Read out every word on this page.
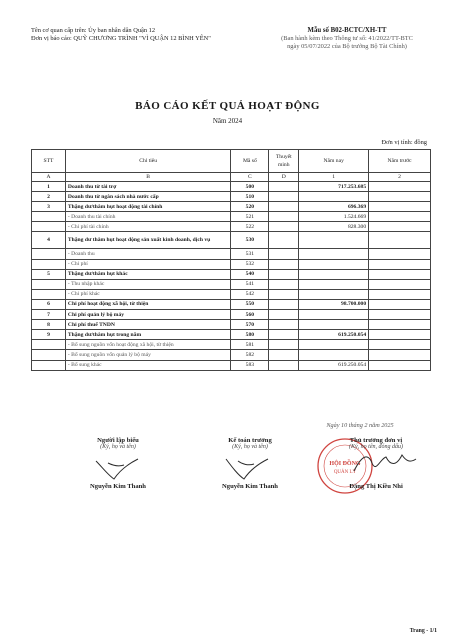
Tên cơ quan cấp trên: Ủy ban nhân dân Quận 12
Đơn vị báo cáo: QUỸ CHƯƠNG TRÌNH "VÌ QUẬN 12 BÌNH YÊN"
Mẫu số B02-BCTC/XH-TT
(Ban hành kèm theo Thông tư số: 41/2022/TT-BTC
ngày 05/07/2022 của Bộ trưởng Bộ Tài Chính)
BÁO CÁO KẾT QUẢ HOẠT ĐỘNG
Năm 2024
Đơn vị tính: đồng
STT	Chỉ tiêu	Mã số	Thuyết minh	Năm nay	Năm trước
A	B	C	D	1	2
1	Doanh thu từ tài trợ	500		717.253.685	
2	Doanh thu từ ngân sách nhà nước cấp	510			
3	Thặng dư/thâm hụt hoạt động tài chính	520		696.369	
	- Doanh thu tài chính	521		1.524.669	
	- Chi phí tài chính	522		828.300	
4	Thặng dư thâm hụt hoạt động sản xuất kinh doanh, dịch vụ	530			
	- Doanh thu	531			
	- Chi phí	532			
5	Thặng dư/thâm hụt khác	540			
	- Thu nhập khác	541			
	- Chi phí khác	542			
6	Chi phí hoạt động xã hội, từ thiện	550		98.700.000	
7	Chi phí quản lý bộ máy	560			
8	Chi phí thuế TNDN	570			
9	Thặng dư/thâm hụt trong năm	580		619.250.054	
	- Bổ sung nguồn vốn hoạt động xã hội, từ thiện	581			
	- Bổ sung nguồn vốn quản lý bộ máy	582			
	- Bổ sung khác	583		619.250.054	
Ngày 10 tháng 2 năm 2025
Người lập biểu
(Ký, họ và tên)
Nguyễn Kim Thanh
Kế toán trưởng
(Ký, họ và tên)
Nguyễn Kim Thanh
HỘI ĐỒNG
QUẢN LÝ
Thủ trưởng đơn vị
(Ký, họ tên, đóng dấu)
Đặng Thị Kiều Nhi
Trang - 1/1
